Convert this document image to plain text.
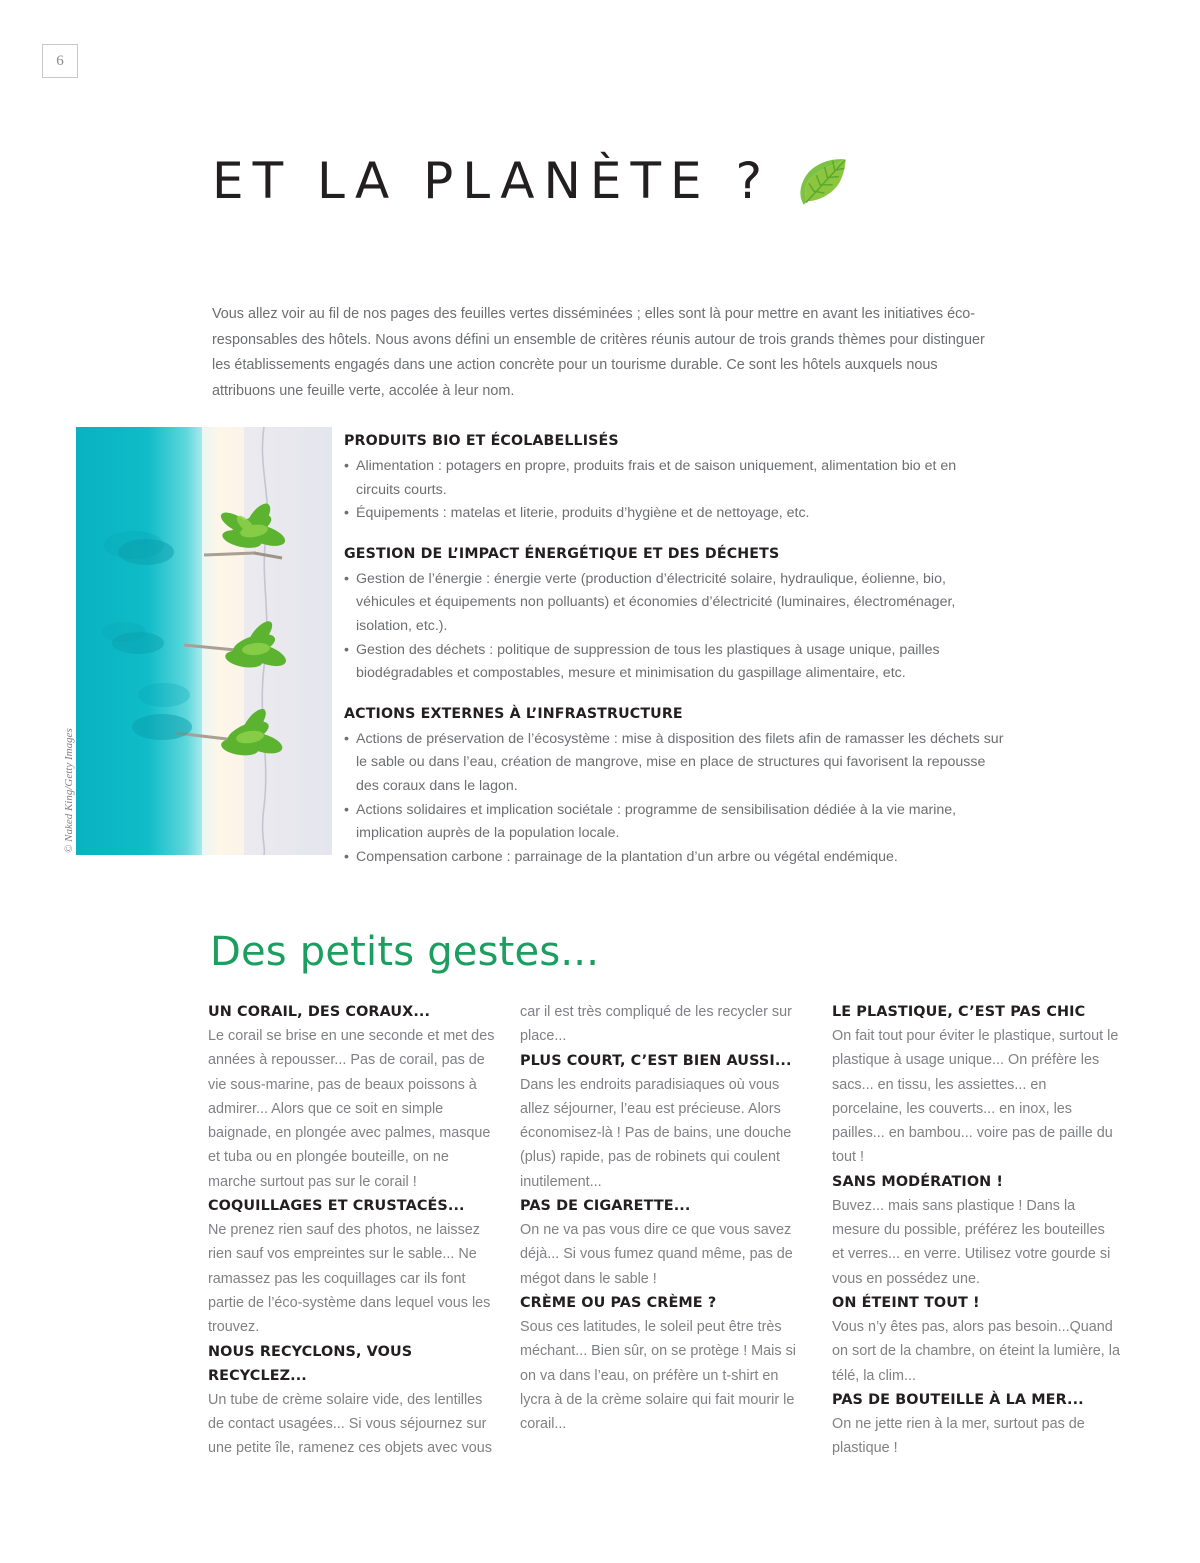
6
ET LA PLANÈTE ?

Vous allez voir au fil de nos pages des feuilles vertes disséminées ; elles sont là pour mettre en avant les initiatives éco-responsables des hôtels. Nous avons défini un ensemble de critères réunis autour de trois grands thèmes pour distinguer les établissements engagés dans une action concrète pour un tourisme durable. Ce sont les hôtels auxquels nous attribuons une feuille verte, accolée à leur nom.

© Naked King/Getty Images
PRODUITS BIO ET ÉCOLABELLISÉS
• Alimentation : potagers en propre, produits frais et de saison uniquement, alimentation bio et en circuits courts.
• Équipements : matelas et literie, produits d’hygiène et de nettoyage, etc.
GESTION DE L’IMPACT ÉNERGÉTIQUE ET DES DÉCHETS
• Gestion de l’énergie : énergie verte (production d’électricité solaire, hydraulique, éolienne, bio, véhicules et équipements non polluants) et économies d’électricité (luminaires, électroménager, isolation, etc.).
• Gestion des déchets : politique de suppression de tous les plastiques à usage unique, pailles biodégradables et compostables, mesure et minimisation du gaspillage alimentaire, etc.
ACTIONS EXTERNES À L’INFRASTRUCTURE
• Actions de préservation de l’écosystème : mise à disposition des filets afin de ramasser les déchets sur le sable ou dans l’eau, création de mangrove, mise en place de structures qui favorisent la repousse des coraux dans le lagon.
• Actions solidaires et implication sociétale : programme de sensibilisation dédiée à la vie marine, implication auprès de la population locale.
• Compensation carbone : parrainage de la plantation d’un arbre ou végétal endémique.
Des petits gestes...
UN CORAIL, DES CORAUX...
Le corail se brise en une seconde et met des années à repousser... Pas de corail, pas de vie sous-marine, pas de beaux poissons à admirer... Alors que ce soit en simple baignade, en plongée avec palmes, masque et tuba ou en plongée bouteille, on ne marche surtout pas sur le corail !
COQUILLAGES ET CRUSTACÉS...
Ne prenez rien sauf des photos, ne laissez rien sauf vos empreintes sur le sable... Ne ramassez pas les coquillages car ils font partie de l’éco-système dans lequel vous les trouvez.
NOUS RECYCLONS, VOUS RECYCLEZ...
Un tube de crème solaire vide, des lentilles de contact usagées... Si vous séjournez sur une petite île, ramenez ces objets avec vous
car il est très compliqué de les recycler sur place...
PLUS COURT, C’EST BIEN AUSSI...
Dans les endroits paradisiaques où vous allez séjourner, l’eau est précieuse. Alors économisez-là ! Pas de bains, une douche (plus) rapide, pas de robinets qui coulent inutilement...
PAS DE CIGARETTE...
On ne va pas vous dire ce que vous savez déjà... Si vous fumez quand même, pas de mégot dans le sable !
CRÈME OU PAS CRÈME ?
Sous ces latitudes, le soleil peut être très méchant... Bien sûr, on se protège ! Mais si on va dans l’eau, on préfère un t-shirt en lycra à de la crème solaire qui fait mourir le corail...
LE PLASTIQUE, C’EST PAS CHIC
On fait tout pour éviter le plastique, surtout le plastique à usage unique... On préfère les sacs... en tissu, les assiettes... en porcelaine, les couverts... en inox, les pailles... en bambou... voire pas de paille du tout !
SANS MODÉRATION !
Buvez... mais sans plastique ! Dans la mesure du possible, préférez les bouteilles et verres... en verre. Utilisez votre gourde si vous en possédez une.
ON ÉTEINT TOUT !
Vous n’y êtes pas, alors pas besoin...Quand on sort de la chambre, on éteint la lumière, la télé, la clim...
PAS DE BOUTEILLE À LA MER...
On ne jette rien à la mer, surtout pas de plastique !
